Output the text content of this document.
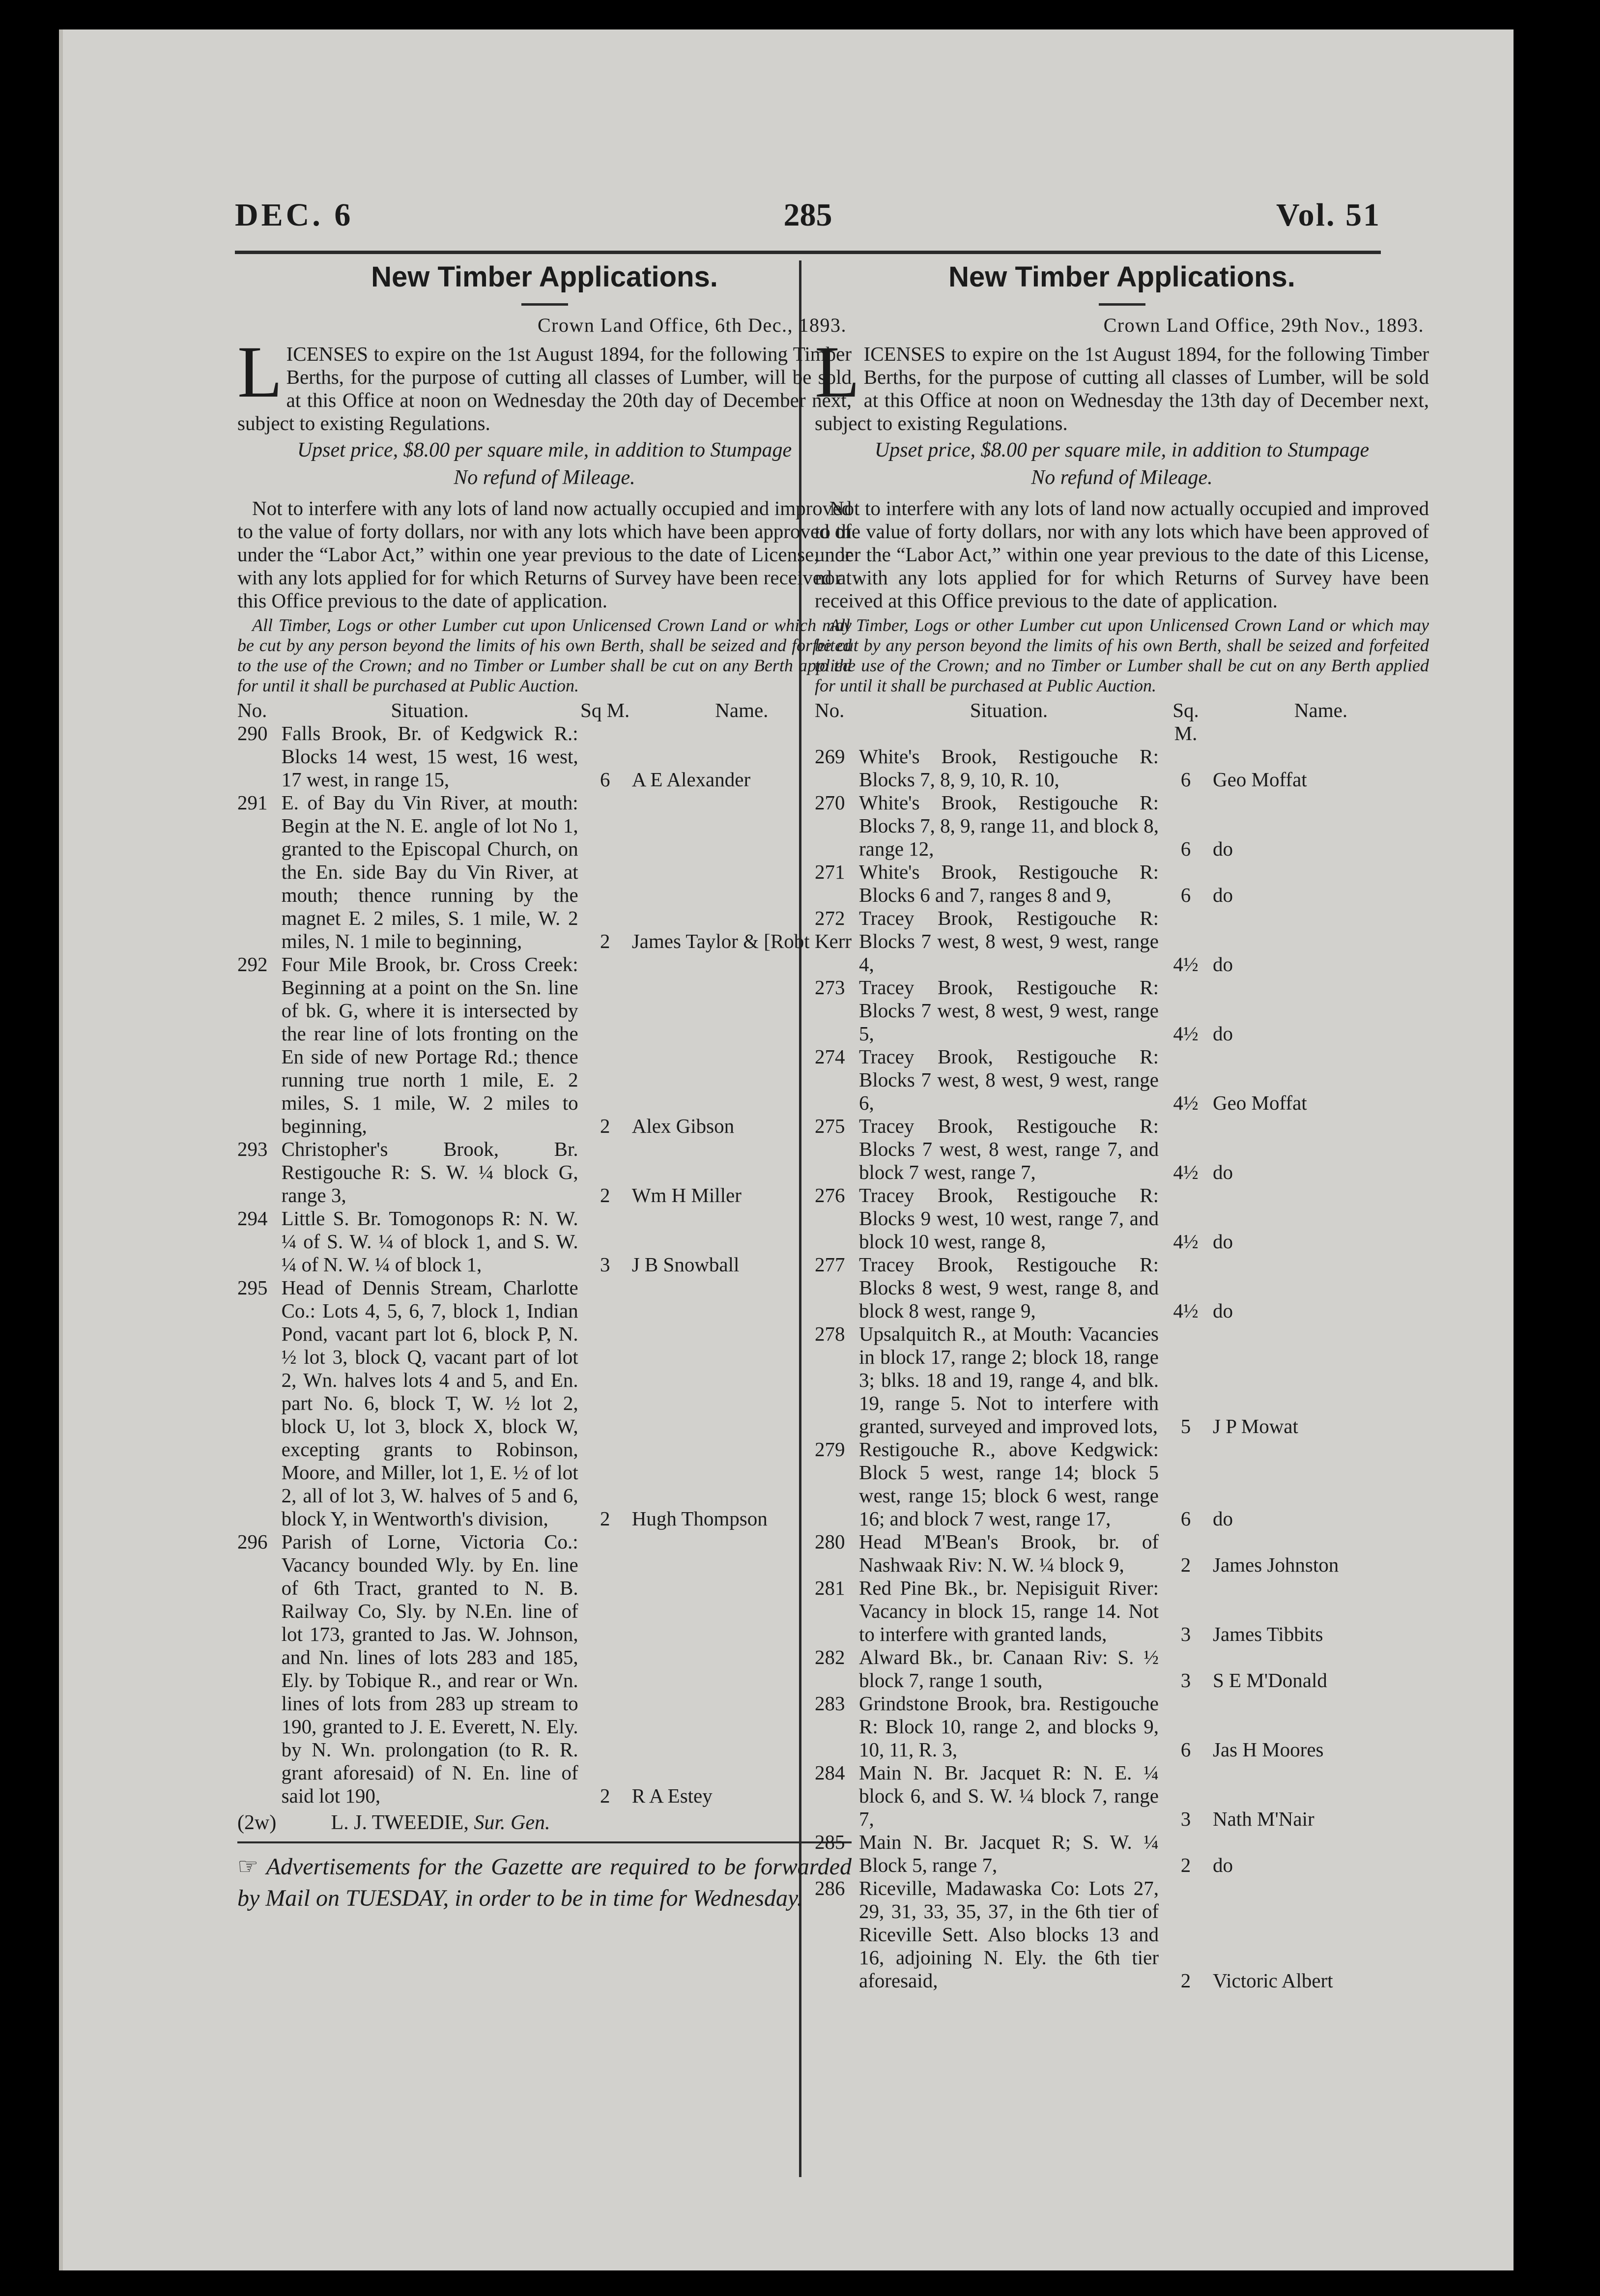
DEC. 6	285	Vol. 51
New Timber Applications.
Crown Land Office, 6th Dec., 1893.
L ICENSES to expire on the 1st August 1894, for the following Timber Berths, for the purpose of cutting all classes of Lumber, will be sold at this Office at noon on Wednesday the 20th day of December next, subject to existing Regulations.
Upset price, $8.00 per square mile, in addition to Stumpage
No refund of Mileage.
Not to interfere with any lots of land now actually occupied and improved to the value of forty dollars, nor with any lots which have been approved of under the “Labor Act,” within one year previous to the date of License, nor with any lots applied for for which Returns of Survey have been received at this Office previous to the date of application.
All Timber, Logs or other Lumber cut upon Unlicensed Crown Land or which may be cut by any person beyond the limits of his own Berth, shall be seized and forfeited to the use of the Crown; and no Timber or Lumber shall be cut on any Berth applied for until it shall be purchased at Public Auction.
No.	Situation.	Sq M.	Name.
290	Falls Brook, Br. of Kedgwick R.: Blocks 14 west, 15 west, 16 west, 17 west, in range 15,	6	A E Alexander
291	E. of Bay du Vin River, at mouth: Begin at the N. E. angle of lot No 1, granted to the Episcopal Church, on the En. side Bay du Vin River, at mouth; thence running by the magnet E. 2 miles, S. 1 mile, W. 2 miles, N. 1 mile to beginning,	2	James Taylor & [Robt Kerr
292	Four Mile Brook, br. Cross Creek: Beginning at a point on the Sn. line of bk. G, where it is intersected by the rear line of lots fronting on the En side of new Portage Rd.; thence running true north 1 mile, E. 2 miles, S. 1 mile, W. 2 miles to beginning,	2	Alex Gibson
293	Christopher's Brook, Br. Restigouche R: S. W. ¼ block G, range 3,	2	Wm H Miller
294	Little S. Br. Tomogonops R: N. W. ¼ of S. W. ¼ of block 1, and S. W. ¼ of N. W. ¼ of block 1,	3	J B Snowball
295	Head of Dennis Stream, Charlotte Co.: Lots 4, 5, 6, 7, block 1, Indian Pond, vacant part lot 6, block P, N. ½ lot 3, block Q, vacant part of lot 2, Wn. halves lots 4 and 5, and En. part No. 6, block T, W. ½ lot 2, block U, lot 3, block X, block W, excepting grants to Robinson, Moore, and Miller, lot 1, E. ½ of lot 2, all of lot 3, W. halves of 5 and 6, block Y, in Wentworth's division,	2	Hugh Thompson
296	Parish of Lorne, Victoria Co.: Vacancy bounded Wly. by En. line of 6th Tract, granted to N. B. Railway Co, Sly. by N.En. line of lot 173, granted to Jas. W. Johnson, and Nn. lines of lots 283 and 185, Ely. by Tobique R., and rear or Wn. lines of lots from 283 up stream to 190, granted to J. E. Everett, N. Ely. by N. Wn. prolongation (to R. R. grant aforesaid) of N. En. line of said lot 190,	2	R A Estey
(2w)	L. J. TWEEDIE, Sur. Gen.
☞ Advertisements for the Gazette are required to be forwarded by Mail on TUESDAY, in order to be in time for Wednesday.
New Timber Applications.
Crown Land Office, 29th Nov., 1893.
L ICENSES to expire on the 1st August 1894, for the following Timber Berths, for the purpose of cutting all classes of Lumber, will be sold at this Office at noon on Wednesday the 13th day of December next, subject to existing Regulations.
Upset price, $8.00 per square mile, in addition to Stumpage
No refund of Mileage.
Not to interfere with any lots of land now actually occupied and improved to the value of forty dollars, nor with any lots which have been approved of under the “Labor Act,” within one year previous to the date of this License, nor with any lots applied for for which Returns of Survey have been received at this Office previous to the date of application.
All Timber, Logs or other Lumber cut upon Unlicensed Crown Land or which may be cut by any person beyond the limits of his own Berth, shall be seized and forfeited to the use of the Crown; and no Timber or Lumber shall be cut on any Berth applied for until it shall be purchased at Public Auction.
No.	Situation.	Sq. M.	Name.
269	White's Brook, Restigouche R: Blocks 7, 8, 9, 10, R. 10,	6	Geo Moffat
270	White's Brook, Restigouche R: Blocks 7, 8, 9, range 11, and block 8, range 12,	6	do
271	White's Brook, Restigouche R: Blocks 6 and 7, ranges 8 and 9,	6	do
272	Tracey Brook, Restigouche R: Blocks 7 west, 8 west, 9 west, range 4,	4½	do
273	Tracey Brook, Restigouche R: Blocks 7 west, 8 west, 9 west, range 5,	4½	do
274	Tracey Brook, Restigouche R: Blocks 7 west, 8 west, 9 west, range 6,	4½	Geo Moffat
275	Tracey Brook, Restigouche R: Blocks 7 west, 8 west, range 7, and block 7 west, range 7,	4½	do
276	Tracey Brook, Restigouche R: Blocks 9 west, 10 west, range 7, and block 10 west, range 8,	4½	do
277	Tracey Brook, Restigouche R: Blocks 8 west, 9 west, range 8, and block 8 west, range 9,	4½	do
278	Upsalquitch R., at Mouth: Vacancies in block 17, range 2; block 18, range 3; blks. 18 and 19, range 4, and blk. 19, range 5. Not to interfere with granted, surveyed and improved lots,	5	J P Mowat
279	Restigouche R., above Kedgwick: Block 5 west, range 14; block 5 west, range 15; block 6 west, range 16; and block 7 west, range 17,	6	do
280	Head M'Bean's Brook, br. of Nashwaak Riv: N. W. ¼ block 9,	2	James Johnston
281	Red Pine Bk., br. Nepisiguit River: Vacancy in block 15, range 14. Not to interfere with granted lands,	3	James Tibbits
282	Alward Bk., br. Canaan Riv: S. ½ block 7, range 1 south,	3	S E M'Donald
283	Grindstone Brook, bra. Restigouche R: Block 10, range 2, and blocks 9, 10, 11, R. 3,	6	Jas H Moores
284	Main N. Br. Jacquet R: N. E. ¼ block 6, and S. W. ¼ block 7, range 7,	3	Nath M'Nair
285	Main N. Br. Jacquet R; S. W. ¼ Block 5, range 7,	2	do
286	Riceville, Madawaska Co: Lots 27, 29, 31, 33, 35, 37, in the 6th tier of Riceville Sett. Also blocks 13 and 16, adjoining N. Ely. the 6th tier aforesaid,	2	Victoric Albert
